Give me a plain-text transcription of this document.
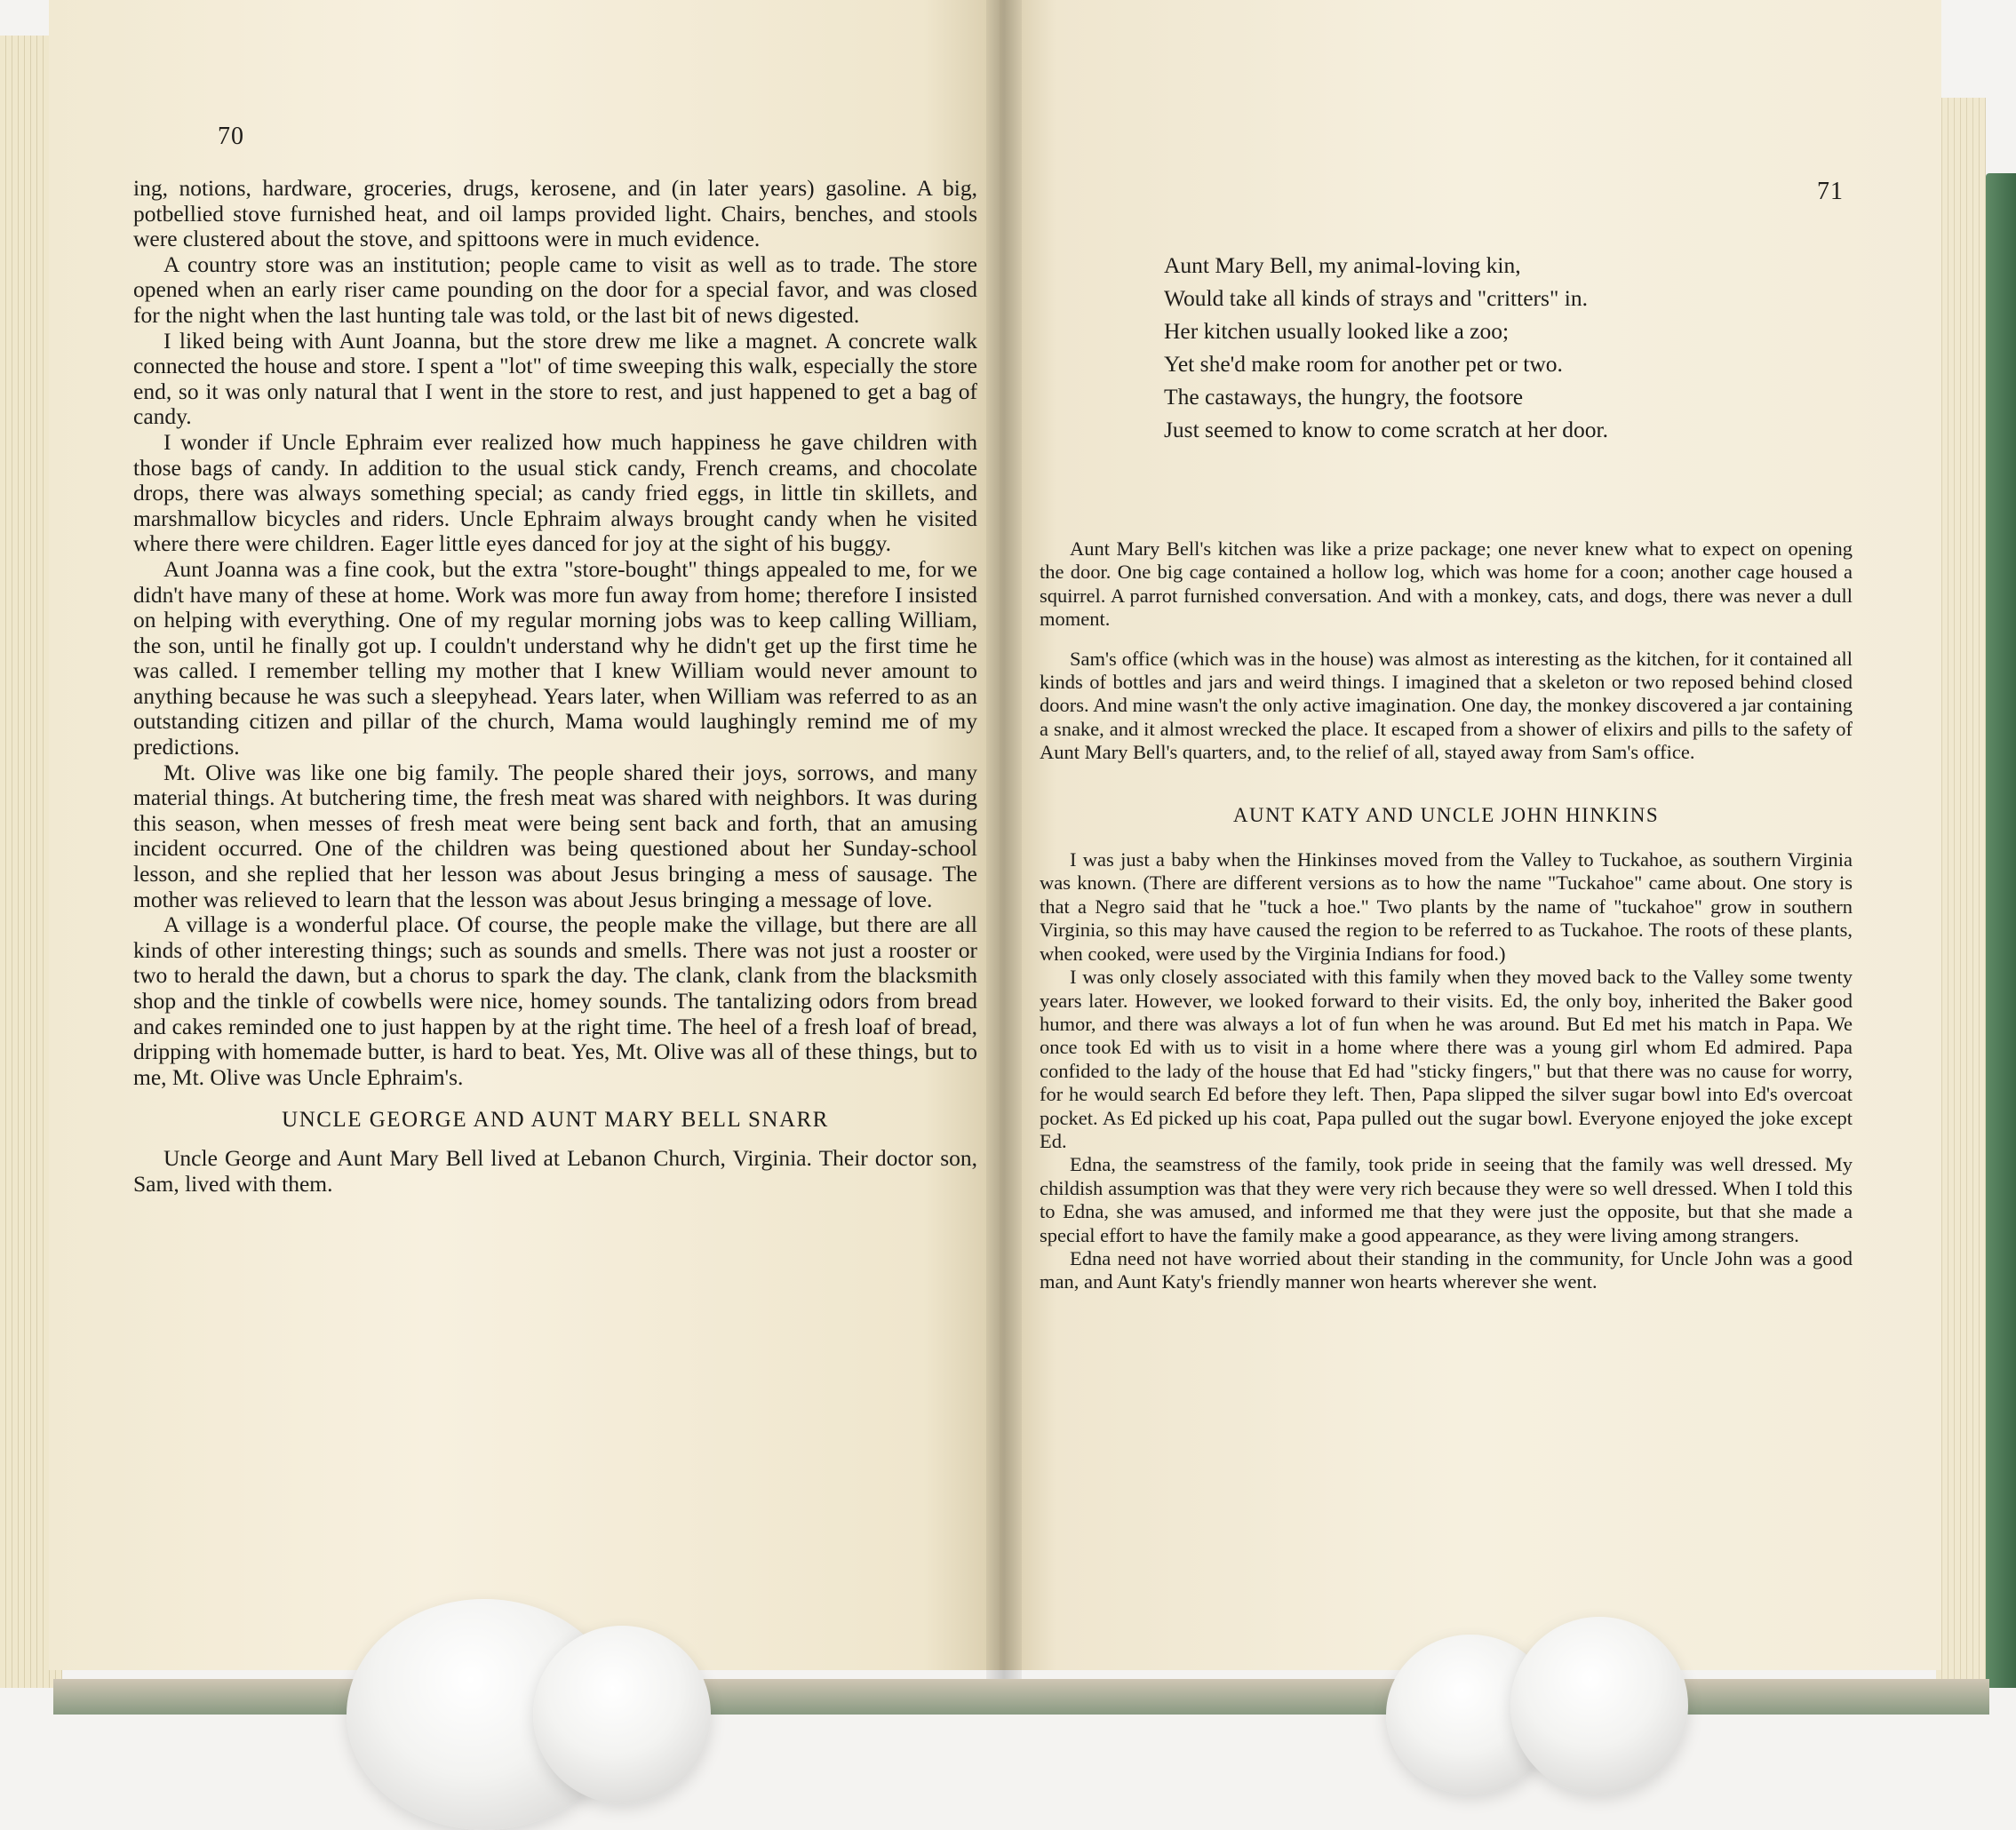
70

ing, notions, hardware, groceries, drugs, kerosene, and (in later years) gasoline. A big, potbellied stove furnished heat, and oil lamps provided light. Chairs, benches, and stools were clustered about the stove, and spittoons were in much evidence.

A country store was an institution; people came to visit as well as to trade. The store opened when an early riser came pounding on the door for a special favor, and was closed for the night when the last hunting tale was told, or the last bit of news digested.

I liked being with Aunt Joanna, but the store drew me like a magnet. A concrete walk connected the house and store. I spent a "lot" of time sweeping this walk, especially the store end, so it was only natural that I went in the store to rest, and just happened to get a bag of candy.

I wonder if Uncle Ephraim ever realized how much happiness he gave children with those bags of candy. In addition to the usual stick candy, French creams, and chocolate drops, there was always something special; as candy fried eggs, in little tin skillets, and marshmallow bicycles and riders. Uncle Ephraim always brought candy when he visited where there were children. Eager little eyes danced for joy at the sight of his buggy.

Aunt Joanna was a fine cook, but the extra "store-bought" things appealed to me, for we didn't have many of these at home. Work was more fun away from home; therefore I insisted on helping with everything. One of my regular morning jobs was to keep calling William, the son, until he finally got up. I couldn't understand why he didn't get up the first time he was called. I remember telling my mother that I knew William would never amount to anything because he was such a sleepyhead. Years later, when William was referred to as an outstanding citizen and pillar of the church, Mama would laughingly remind me of my predictions.

Mt. Olive was like one big family. The people shared their joys, sorrows, and many material things. At butchering time, the fresh meat was shared with neighbors. It was during this season, when messes of fresh meat were being sent back and forth, that an amusing incident occurred. One of the children was being questioned about her Sunday-school lesson, and she replied that her lesson was about Jesus bringing a mess of sausage. The mother was relieved to learn that the lesson was about Jesus bringing a message of love.

A village is a wonderful place. Of course, the people make the village, but there are all kinds of other interesting things; such as sounds and smells. There was not just a rooster or two to herald the dawn, but a chorus to spark the day. The clank, clank from the blacksmith shop and the tinkle of cowbells were nice, homey sounds. The tantalizing odors from bread and cakes reminded one to just happen by at the right time. The heel of a fresh loaf of bread, dripping with homemade butter, is hard to beat. Yes, Mt. Olive was all of these things, but to me, Mt. Olive was Uncle Ephraim's.

UNCLE GEORGE AND AUNT MARY BELL SNARR

Uncle George and Aunt Mary Bell lived at Lebanon Church, Virginia. Their doctor son, Sam, lived with them.

71
Aunt Mary Bell, my animal-loving kin,
Would take all kinds of strays and "critters" in.
Her kitchen usually looked like a zoo;
Yet she'd make room for another pet or two.
The castaways, the hungry, the footsore
Just seemed to know to come scratch at her door.

Aunt Mary Bell's kitchen was like a prize package; one never knew what to expect on opening the door. One big cage contained a hollow log, which was home for a coon; another cage housed a squirrel. A parrot furnished conversation. And with a monkey, cats, and dogs, there was never a dull moment.

Sam's office (which was in the house) was almost as interesting as the kitchen, for it contained all kinds of bottles and jars and weird things. I imagined that a skeleton or two reposed behind closed doors. And mine wasn't the only active imagination. One day, the monkey discovered a jar containing a snake, and it almost wrecked the place. It escaped from a shower of elixirs and pills to the safety of Aunt Mary Bell's quarters, and, to the relief of all, stayed away from Sam's office.

AUNT KATY AND UNCLE JOHN HINKINS

I was just a baby when the Hinkinses moved from the Valley to Tuckahoe, as southern Virginia was known. (There are different versions as to how the name "Tuckahoe" came about. One story is that a Negro said that he "tuck a hoe." Two plants by the name of "tuckahoe" grow in southern Virginia, so this may have caused the region to be referred to as Tuckahoe. The roots of these plants, when cooked, were used by the Virginia Indians for food.)

I was only closely associated with this family when they moved back to the Valley some twenty years later. However, we looked forward to their visits. Ed, the only boy, inherited the Baker good humor, and there was always a lot of fun when he was around. But Ed met his match in Papa. We once took Ed with us to visit in a home where there was a young girl whom Ed admired. Papa confided to the lady of the house that Ed had "sticky fingers," but that there was no cause for worry, for he would search Ed before they left. Then, Papa slipped the silver sugar bowl into Ed's overcoat pocket. As Ed picked up his coat, Papa pulled out the sugar bowl. Everyone enjoyed the joke except Ed.

Edna, the seamstress of the family, took pride in seeing that the family was well dressed. My childish assumption was that they were very rich because they were so well dressed. When I told this to Edna, she was amused, and informed me that they were just the opposite, but that she made a special effort to have the family make a good appearance, as they were living among strangers.

Edna need not have worried about their standing in the community, for Uncle John was a good man, and Aunt Katy's friendly manner won hearts wherever she went.
